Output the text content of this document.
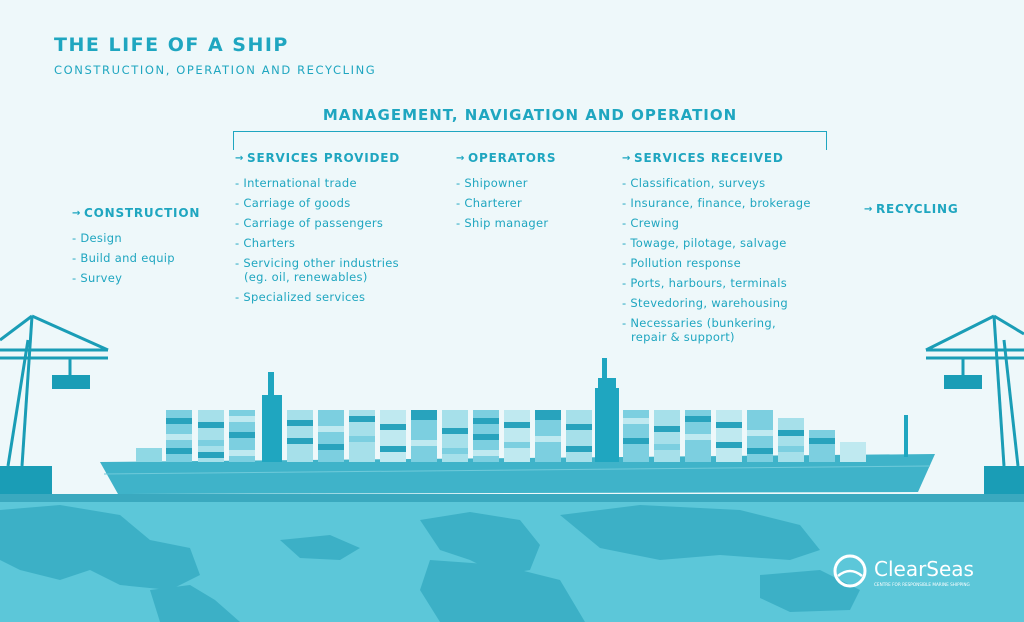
ClearSeas
CENTRE FOR RESPONSIBLE MARINE SHIPPING
THE LIFE OF A SHIP
CONSTRUCTION, OPERATION AND RECYCLING
MANAGEMENT, NAVIGATION AND OPERATION
→ CONSTRUCTION
- Design
- Build and equip
- Survey
→ SERVICES PROVIDED
- International trade
- Carriage of goods
- Carriage of passengers
- Charters
- Servicing other industries
(eg. oil, renewables)
- Specialized services
→ OPERATORS
- Shipowner
- Charterer
- Ship manager
→ SERVICES RECEIVED
- Classification, surveys
- Insurance, finance, brokerage
- Crewing
- Towage, pilotage, salvage
- Pollution response
- Ports, harbours, terminals
- Stevedoring, warehousing
- Necessaries (bunkering,
repair & support)
→ RECYCLING
